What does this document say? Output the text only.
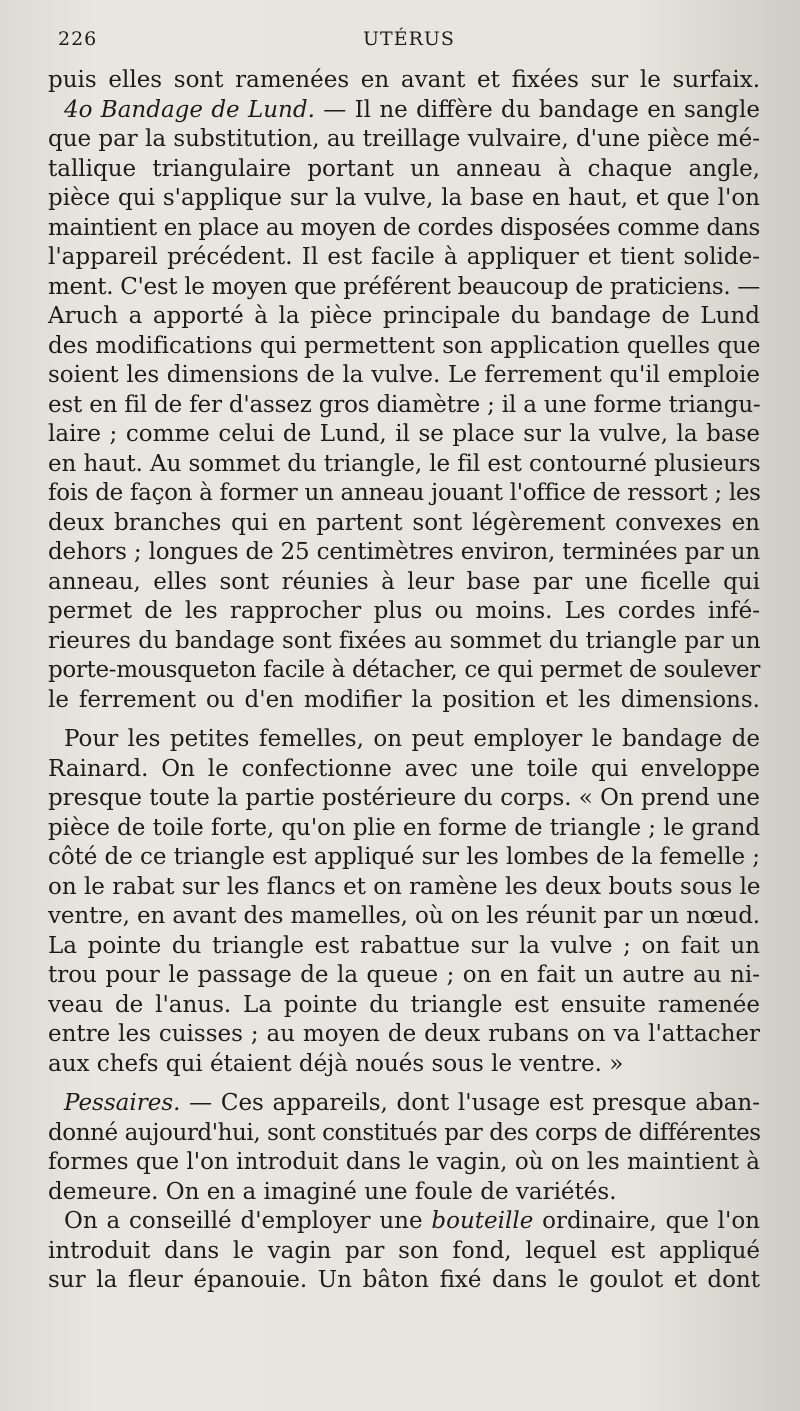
226	UTÉRUS
puis elles sont ramenées en avant et fixées sur le surfaix.
4o Bandage de Lund. — Il ne diffère du bandage en sangle
que par la substitution, au treillage vulvaire, d'une pièce mé-
tallique triangulaire portant un anneau à chaque angle,
pièce qui s'applique sur la vulve, la base en haut, et que l'on
maintient en place au moyen de cordes disposées comme dans
l'appareil précédent. Il est facile à appliquer et tient solide-
ment. C'est le moyen que préférent beaucoup de praticiens. —
Aruch a apporté à la pièce principale du bandage de Lund
des modifications qui permettent son application quelles que
soient les dimensions de la vulve. Le ferrement qu'il emploie
est en fil de fer d'assez gros diamètre ; il a une forme triangu-
laire ; comme celui de Lund, il se place sur la vulve, la base
en haut. Au sommet du triangle, le fil est contourné plusieurs
fois de façon à former un anneau jouant l'office de ressort ; les
deux branches qui en partent sont légèrement convexes en
dehors ; longues de 25 centimètres environ, terminées par un
anneau, elles sont réunies à leur base par une ficelle qui
permet de les rapprocher plus ou moins. Les cordes infé-
rieures du bandage sont fixées au sommet du triangle par un
porte-mousqueton facile à détacher, ce qui permet de soulever
le ferrement ou d'en modifier la position et les dimensions.
Pour les petites femelles, on peut employer le bandage de
Rainard. On le confectionne avec une toile qui enveloppe
presque toute la partie postérieure du corps. « On prend une
pièce de toile forte, qu'on plie en forme de triangle ; le grand
côté de ce triangle est appliqué sur les lombes de la femelle ;
on le rabat sur les flancs et on ramène les deux bouts sous le
ventre, en avant des mamelles, où on les réunit par un nœud.
La pointe du triangle est rabattue sur la vulve ; on fait un
trou pour le passage de la queue ; on en fait un autre au ni-
veau de l'anus. La pointe du triangle est ensuite ramenée
entre les cuisses ; au moyen de deux rubans on va l'attacher
aux chefs qui étaient déjà noués sous le ventre. »
Pessaires. — Ces appareils, dont l'usage est presque aban-
donné aujourd'hui, sont constitués par des corps de différentes
formes que l'on introduit dans le vagin, où on les maintient à
demeure. On en a imaginé une foule de variétés.
On a conseillé d'employer une bouteille ordinaire, que l'on
introduit dans le vagin par son fond, lequel est appliqué
sur la fleur épanouie. Un bâton fixé dans le goulot et dont
